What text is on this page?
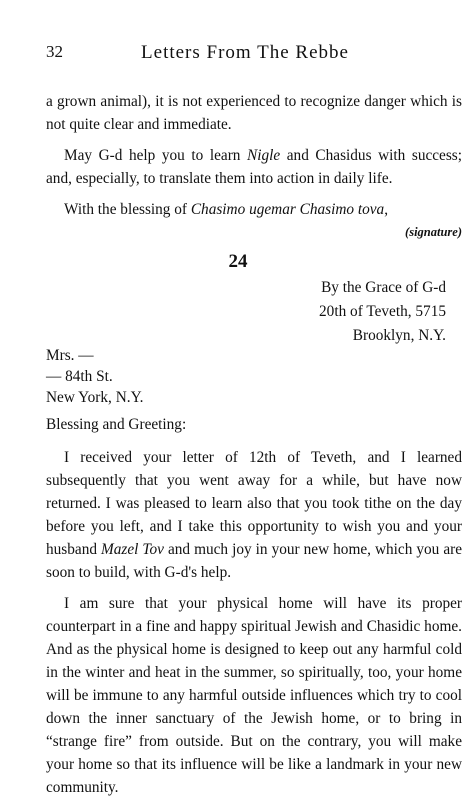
32	Letters From The Rebbe

a grown animal), it is not experienced to recognize danger which is not quite clear and immediate.

May G-d help you to learn Nigle and Chasidus with success; and, especially, to translate them into action in daily life.

With the blessing of Chasimo ugemar Chasimo tova,

(signature)

24
By the Grace of G-d
20th of Teveth, 5715
Brooklyn, N.Y.
Mrs. —
— 84th St.
New York, N.Y.
Blessing and Greeting:

I received your letter of 12th of Teveth, and I learned subsequently that you went away for a while, but have now returned. I was pleased to learn also that you took tithe on the day before you left, and I take this opportunity to wish you and your husband Mazel Tov and much joy in your new home, which you are soon to build, with G-d's help.

I am sure that your physical home will have its proper counterpart in a fine and happy spiritual Jewish and Chasidic home. And as the physical home is designed to keep out any harmful cold in the winter and heat in the summer, so spiritually, too, your home will be immune to any harmful outside influences which try to cool down the inner sanctuary of the Jewish home, or to bring in “strange fire” from outside. But on the contrary, you will make your home so that its influence will be like a landmark in your new community.
